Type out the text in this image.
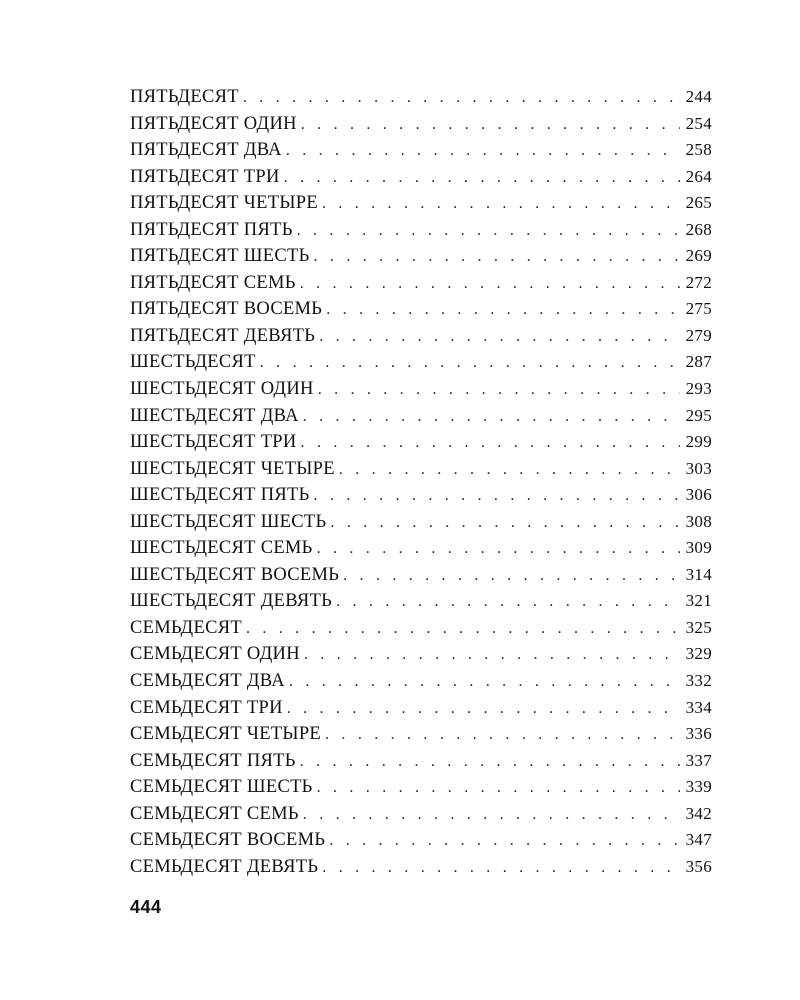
ПЯТЬДЕСЯТ . . .	244
ПЯТЬДЕСЯТ ОДИН . . .	254
ПЯТЬДЕСЯТ ДВА . . .	258
ПЯТЬДЕСЯТ ТРИ . . .	264
ПЯТЬДЕСЯТ ЧЕТЫРЕ . . .	265
ПЯТЬДЕСЯТ ПЯТЬ . . .	268
ПЯТЬДЕСЯТ ШЕСТЬ . . .	269
ПЯТЬДЕСЯТ СЕМЬ . . .	272
ПЯТЬДЕСЯТ ВОСЕМЬ . . .	275
ПЯТЬДЕСЯТ ДЕВЯТЬ . . .	279
ШЕСТЬДЕСЯТ . . .	287
ШЕСТЬДЕСЯТ ОДИН . . .	293
ШЕСТЬДЕСЯТ ДВА . . .	295
ШЕСТЬДЕСЯТ ТРИ . . .	299
ШЕСТЬДЕСЯТ ЧЕТЫРЕ . . .	303
ШЕСТЬДЕСЯТ ПЯТЬ . . .	306
ШЕСТЬДЕСЯТ ШЕСТЬ . . .	308
ШЕСТЬДЕСЯТ СЕМЬ . . .	309
ШЕСТЬДЕСЯТ ВОСЕМЬ . . .	314
ШЕСТЬДЕСЯТ ДЕВЯТЬ . . .	321
СЕМЬДЕСЯТ . . .	325
СЕМЬДЕСЯТ ОДИН . . .	329
СЕМЬДЕСЯТ ДВА . . .	332
СЕМЬДЕСЯТ ТРИ . . .	334
СЕМЬДЕСЯТ ЧЕТЫРЕ . . .	336
СЕМЬДЕСЯТ ПЯТЬ . . .	337
СЕМЬДЕСЯТ ШЕСТЬ . . .	339
СЕМЬДЕСЯТ СЕМЬ . . .	342
СЕМЬДЕСЯТ ВОСЕМЬ . . .	347
СЕМЬДЕСЯТ ДЕВЯТЬ . . .	356
444
